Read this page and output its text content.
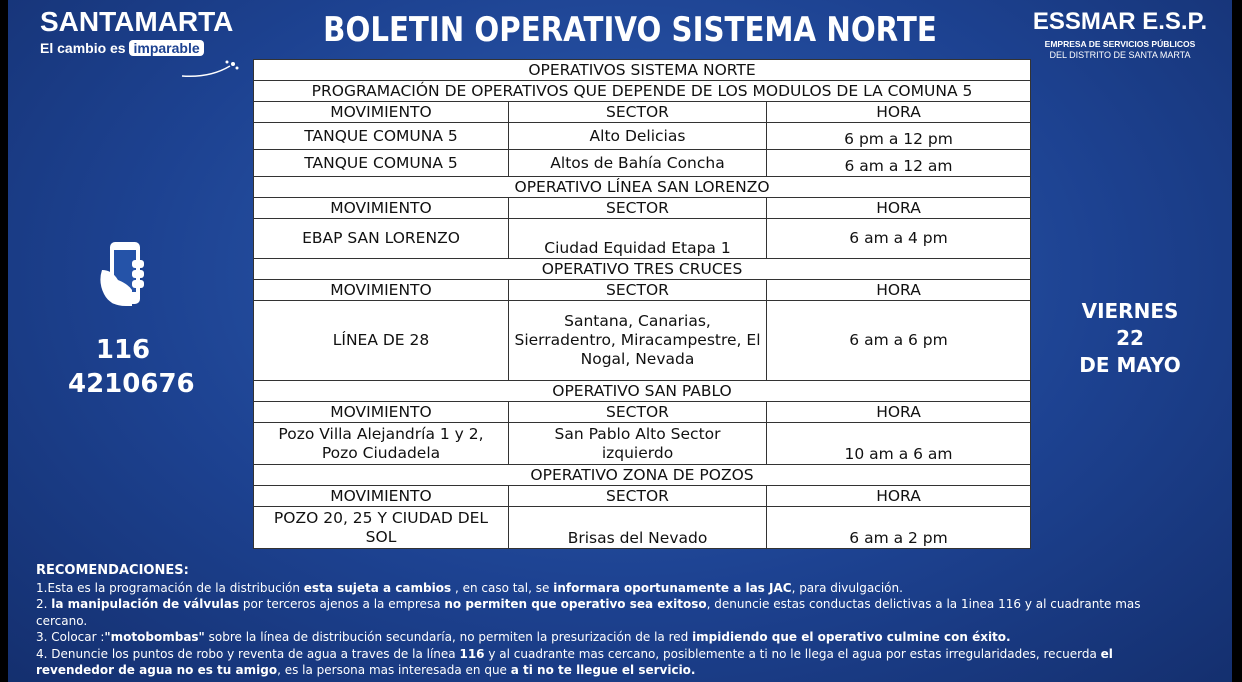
SANTAMARTA
El cambio es imparable	BOLETIN OPERATIVO SISTEMA NORTE	ESSMAR E.S.P.
EMPRESA DE SERVICIOS PÚBLICOS
DEL DISTRITO DE SANTA MARTA
116
4210676
VIERNES
22
DE MAYO
OPERATIVOS SISTEMA NORTE		
PROGRAMACIÓN DE OPERATIVOS QUE DEPENDE DE LOS MODULOS DE LA COMUNA 5		
MOVIMIENTO	SECTOR	HORA
TANQUE COMUNA 5	Alto Delicias	6 pm a 12 pm
TANQUE COMUNA 5	Altos de Bahía Concha	6 am a 12 am
OPERATIVO LÍNEA SAN LORENZO		
MOVIMIENTO	SECTOR	HORA
EBAP SAN LORENZO	Ciudad Equidad Etapa 1	6 am a 4 pm
OPERATIVO TRES CRUCES		
MOVIMIENTO	SECTOR	HORA
LÍNEA DE 28	Santana, Canarias, Sierradentro, Miracampestre, El Nogal, Nevada	6 am a 6 pm
OPERATIVO SAN PABLO		
MOVIMIENTO	SECTOR	HORA
Pozo Villa Alejandría 1 y 2, Pozo Ciudadela	San Pablo Alto Sector izquierdo	10 am a 6 am
OPERATIVO ZONA DE POZOS		
MOVIMIENTO	SECTOR	HORA
POZO 20, 25 Y CIUDAD DEL SOL	Brisas del Nevado	6 am a 2 pm
RECOMENDACIONES:
1.Esta es la programación de la distribución esta sujeta a cambios , en caso tal, se informara oportunamente a las JAC, para divulgación.
2. la manipulación de válvulas por terceros ajenos a la empresa no permiten que operativo sea exitoso, denuncie estas conductas delictivas a la 1inea 116 y al cuadrante mas cercano.
3. Colocar :"motobombas" sobre la línea de distribución secundaría, no permiten la presurización de la red impidiendo que el operativo culmine con éxito.
4. Denuncie los puntos de robo y reventa de agua a traves de la línea 116 y al cuadrante mas cercano, posiblemente a ti no le llega el agua por estas irregularidades, recuerda el revendedor de agua no es tu amigo, es la persona mas interesada en que a ti no te llegue el servicio.
